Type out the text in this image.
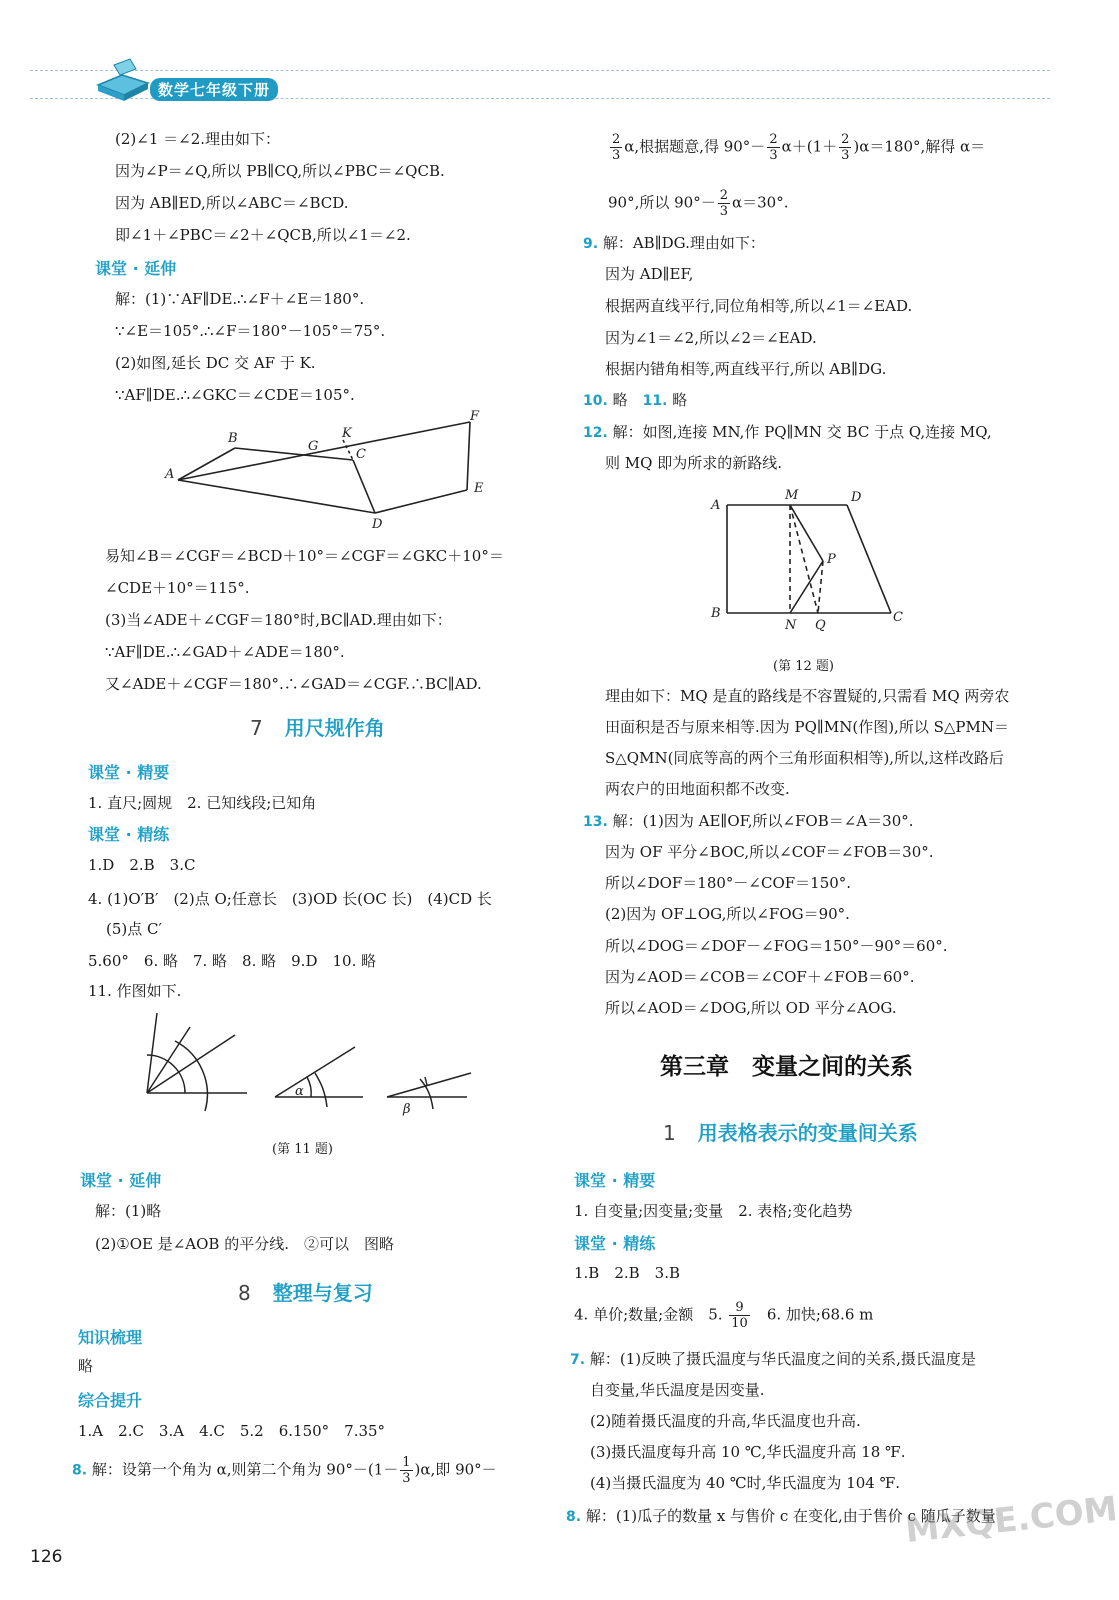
数学七年级下册
(2)∠1 ＝∠2.理由如下：
因为∠P＝∠Q,所以 PB∥CQ,所以∠PBC＝∠QCB.
因为 AB∥ED,所以∠ABC＝∠BCD.
即∠1＋∠PBC＝∠2＋∠QCB,所以∠1＝∠2.
课堂 · 延伸
解：(1)∵AF∥DE.∴∠F＋∠E＝180°.
∵∠E＝105°.∴∠F＝180°－105°＝75°.
(2)如图,延长 DC 交 AF 于 K.
∵AF∥DE.∴∠GKC＝∠CDE＝105°.
B
G
K
C
F
A
E
D
易知∠B＝∠CGF＝∠BCD＋10°＝∠CGF＝∠GKC＋10°＝
∠CDE＋10°＝115°.
(3)当∠ADE＋∠CGF＝180°时,BC∥AD.理由如下：
∵AF∥DE.∴∠GAD＋∠ADE＝180°.
又∠ADE＋∠CGF＝180°.∴∠GAD＝∠CGF.∴BC∥AD.
7 用尺规作角
课堂 · 精要
1. 直尺;圆规　2. 已知线段;已知角
课堂 · 精练
1.D　2.B　3.C
4. (1)O′B′　(2)点 O;任意长　(3)OD 长(OC 长)　(4)CD 长
(5)点 C′
5.60°　6. 略　7. 略　8. 略　9.D　10. 略
11. 作图如下.
α
β
(第 11 题)
课堂 · 延伸
解：(1)略
(2)①OE 是∠AOB 的平分线.　②可以　图略
8 整理与复习
知识梳理
略
综合提升
1.A　2.C　3.A　4.C　5.2　6.150°　7.35°
8. 解：设第一个角为 α,则第二个角为 $90^\circ-(1- \frac{1}{3} )\alpha$,即 90°－
126
$\frac{2}{3} \alpha$,根据题意,得 $90^\circ- \frac{2}{3} \alpha+(1+ \frac{2}{3} )\alpha=180^\circ$,解得 α＝
90°,所以 $90^\circ- \frac{2}{3} \alpha=30^\circ$.
9. 解：AB∥DG.理由如下：
因为 AD∥EF,
根据两直线平行,同位角相等,所以∠1＝∠EAD.
因为∠1＝∠2,所以∠2＝∠EAD.
根据内错角相等,两直线平行,所以 AB∥DG.
10. 略　11. 略
12. 解：如图,连接 MN,作 PQ∥MN 交 BC 于点 Q,连接 MQ,
则 MQ 即为所求的新路线.
A
M	D
P
B
N Q
C
(第 12 题)
理由如下：MQ 是直的路线是不容置疑的,只需看 MQ 两旁农
田面积是否与原来相等.因为 PQ∥MN(作图),所以 S△PMN＝
S△QMN(同底等高的两个三角形面积相等),所以,这样改路后
两农户的田地面积都不改变.
13. 解：(1)因为 AE∥OF,所以∠FOB＝∠A＝30°.
因为 OF 平分∠BOC,所以∠COF＝∠FOB＝30°.
所以∠DOF＝180°－∠COF＝150°.
(2)因为 OF⊥OG,所以∠FOG＝90°.
所以∠DOG＝∠DOF－∠FOG＝150°－90°＝60°.
因为∠AOD＝∠COB＝∠COF＋∠FOB＝60°.
所以∠AOD＝∠DOG,所以 OD 平分∠AOG.
第三章　变量之间的关系
1 用表格表示的变量间关系
课堂 · 精要
1. 自变量;因变量;变量　2. 表格;变化趋势
课堂 · 精练
1.B　2.B　3.B
4. 单价;数量;金额　5. $\frac{9}{10}$ 　6. 加快;68.6 m
7. 解：(1)反映了摄氏温度与华氏温度之间的关系,摄氏温度是
自变量,华氏温度是因变量.
(2)随着摄氏温度的升高,华氏温度也升高.
(3)摄氏温度每升高 10 ℃,华氏温度升高 18 ℉.
(4)当摄氏温度为 40 ℃时,华氏温度为 104 ℉.
8. 解：(1)瓜子的数量 x 与售价 c 在变化,由于售价 c 随瓜子数量
MXQE.COM
